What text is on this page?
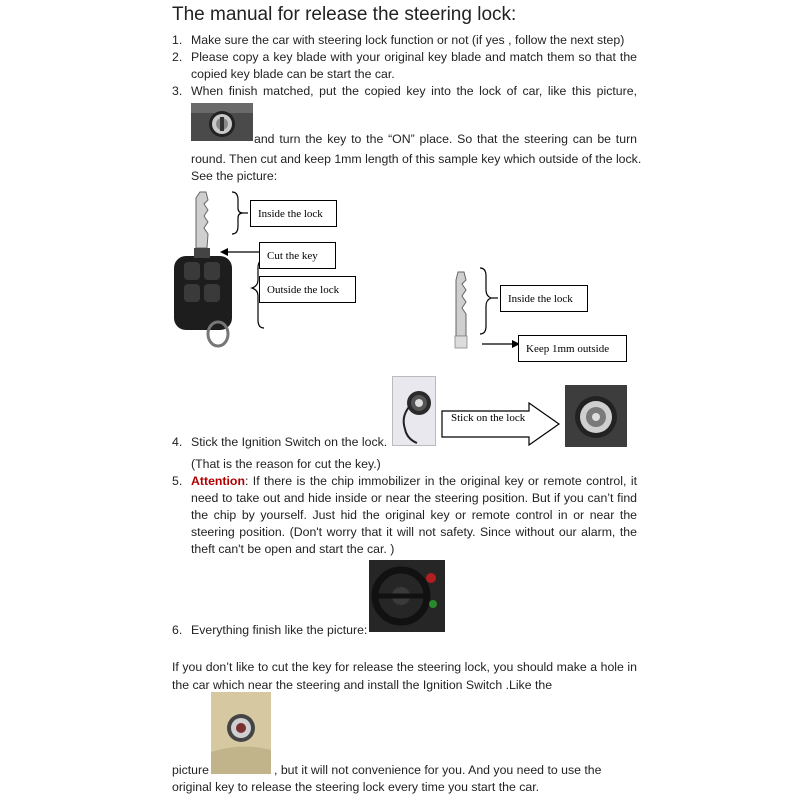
The manual for release the steering lock:
1. Make sure the car with steering lock function or not (if yes , follow the next step)
2. Please copy a key blade with your original key blade and match them so that the
copied key blade can be start the car.
3. When finish matched, put the copied key into the lock of car, like this picture,
and turn the key to the “ON” place. So that the steering can be turn
round. Then cut and keep 1mm length of this sample key which outside of the lock.
See the picture:
Inside the lock
Cut the key
Outside the lock
Inside the lock
Keep 1mm outside
Stick on the lock
4. Stick the Ignition Switch on the lock.
(That is the reason for cut the key.)
5. Attention : If there is the chip immobilizer in the original key or remote control, it
need to take out and hide inside or near the steering position. But if you can’t find
the chip by yourself. Just hid the original key or remote control in or near the
steering position. (Don't worry that it will not safety. Since without our alarm, the
theft can't be open and start the car. )
6. Everything finish like the picture:
If you don’t like to cut the key for release the steering lock, you should make a hole in
the car which near the steering and install the Ignition Switch .Like the
picture	, but it will not convenience for you. And you need to use the
original key to release the steering lock every time you start the car.
